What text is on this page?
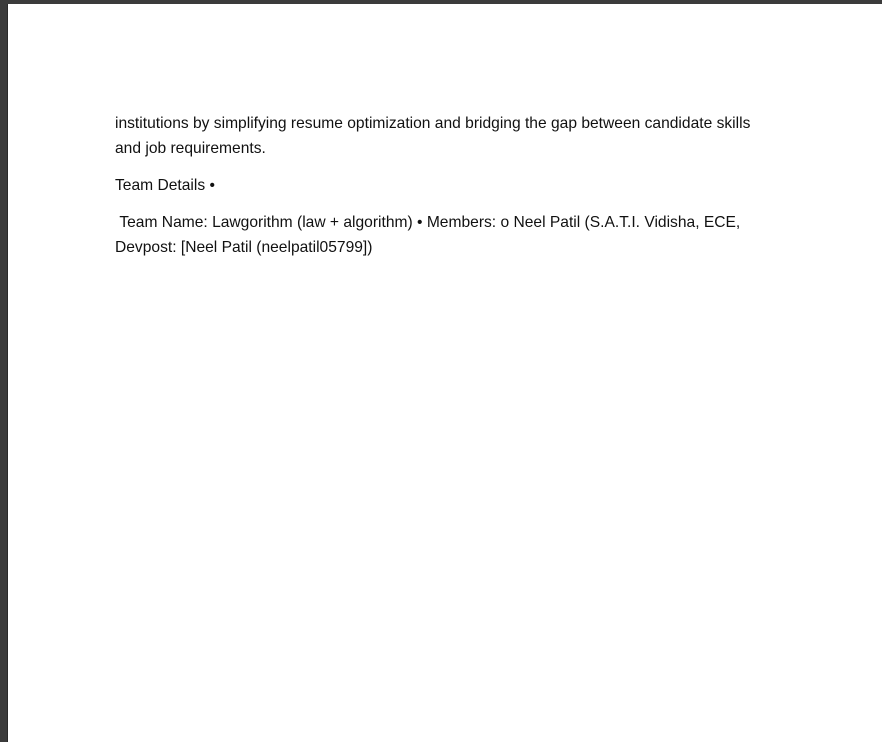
institutions by simplifying resume optimization and bridging the gap between candidate skills and job requirements.

Team Details •

Team Name: Lawgorithm (law + algorithm) • Members: o Neel Patil (S.A.T.I. Vidisha, ECE, Devpost: [Neel Patil (neelpatil05799])
